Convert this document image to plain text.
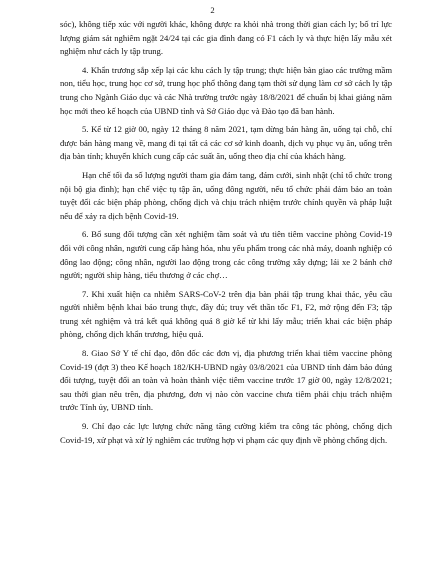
2

sóc), không tiếp xúc với người khác, không được ra khỏi nhà trong thời gian cách ly; bố trí lực lượng giám sát nghiêm ngặt 24/24 tại các gia đình đang có F1 cách ly và thực hiện lấy mẫu xét nghiệm như cách ly tập trung.

4. Khẩn trương sắp xếp lại các khu cách ly tập trung; thực hiện bàn giao các trường mầm non, tiểu học, trung học cơ sở, trung học phổ thông đang tạm thời sử dụng làm cơ sở cách ly tập trung cho Ngành Giáo dục và các Nhà trường trước ngày 18/8/2021 để chuẩn bị khai giảng năm học mới theo kế hoạch của UBND tỉnh và Sở Giáo dục và Đào tạo đã ban hành.

5. Kể từ 12 giờ 00, ngày 12 tháng 8 năm 2021, tạm dừng bán hàng ăn, uống tại chỗ, chỉ được bán hàng mang về, mang đi tại tất cả các cơ sở kinh doanh, dịch vụ phục vụ ăn, uống trên địa bàn tỉnh; khuyến khích cung cấp các suất ăn, uống theo địa chỉ của khách hàng.

Hạn chế tối đa số lượng người tham gia đám tang, đám cưới, sinh nhật (chỉ tổ chức trong nội bộ gia đình); hạn chế việc tụ tập ăn, uống đông người, nếu tổ chức phải đảm bảo an toàn tuyệt đối các biện pháp phòng, chống dịch và chịu trách nhiệm trước chính quyền và pháp luật nếu để xảy ra dịch bệnh Covid-19.

6. Bổ sung đối tượng cần xét nghiệm tầm soát và ưu tiên tiêm vaccine phòng Covid-19 đối với công nhân, người cung cấp hàng hóa, nhu yếu phẩm trong các nhà máy, doanh nghiệp có đông lao động; công nhân, người lao động trong các công trường xây dựng; lái xe 2 bánh chở người; người ship hàng, tiểu thương ở các chợ…

7. Khi xuất hiện ca nhiễm SARS-CoV-2 trên địa bàn phải tập trung khai thác, yêu cầu người nhiễm bệnh khai báo trung thực, đầy đủ; truy vết thần tốc F1, F2, mở rộng đến F3; tập trung xét nghiệm và trả kết quả không quá 8 giờ kể từ khi lấy mẫu; triển khai các biện pháp phòng, chống dịch khẩn trương, hiệu quả.

8. Giao Sở Y tế chỉ đạo, đôn đốc các đơn vị, địa phương triển khai tiêm vaccine phòng Covid-19 (đợt 3) theo Kế hoạch 182/KH-UBND ngày 03/8/2021 của UBND tỉnh đảm bảo đúng đối tượng, tuyệt đối an toàn và hoàn thành việc tiêm vaccine trước 17 giờ 00, ngày 12/8/2021; sau thời gian nêu trên, địa phương, đơn vị nào còn vaccine chưa tiêm phải chịu trách nhiệm trước Tỉnh ủy, UBND tỉnh.

9. Chỉ đạo các lực lượng chức năng tăng cường kiểm tra công tác phòng, chống dịch Covid-19, xử phạt và xử lý nghiêm các trường hợp vi phạm các quy định về phòng chống dịch.
